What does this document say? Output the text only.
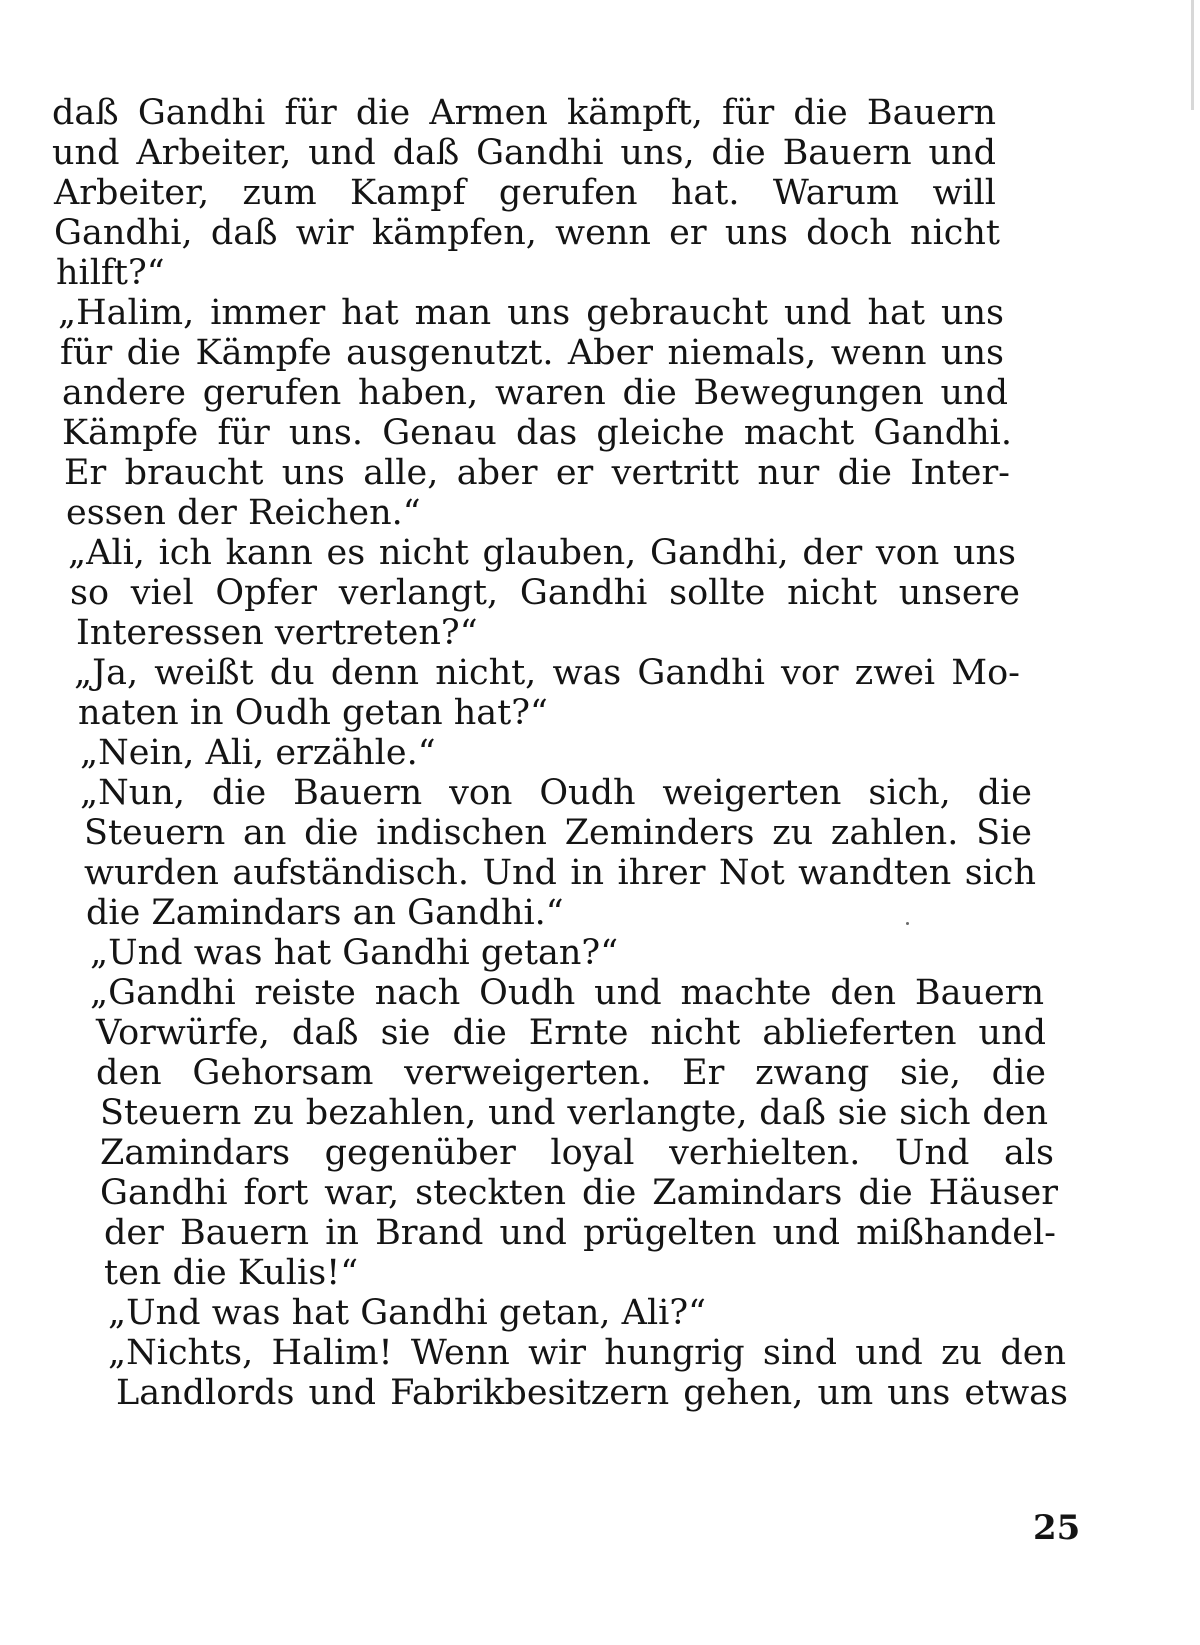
daß Gandhi für die Armen kämpft, für die Bauern
und Arbeiter, und daß Gandhi uns, die Bauern und
Arbeiter, zum Kampf gerufen hat. Warum will
Gandhi, daß wir kämpfen, wenn er uns doch nicht
hilft?“
„Halim, immer hat man uns gebraucht und hat uns
für die Kämpfe ausgenutzt. Aber niemals, wenn uns
andere gerufen haben, waren die Bewegungen und
Kämpfe für uns. Genau das gleiche macht Gandhi.
Er braucht uns alle, aber er vertritt nur die Inter-
essen der Reichen.“
„Ali, ich kann es nicht glauben, Gandhi, der von uns
so viel Opfer verlangt, Gandhi sollte nicht unsere
Interessen vertreten?“
„Ja, weißt du denn nicht, was Gandhi vor zwei Mo-
naten in Oudh getan hat?“
„Nein, Ali, erzähle.“
„Nun, die Bauern von Oudh weigerten sich, die
Steuern an die indischen Zeminders zu zahlen. Sie
wurden aufständisch. Und in ihrer Not wandten sich
die Zamindars an Gandhi.“
„Und was hat Gandhi getan?“
„Gandhi reiste nach Oudh und machte den Bauern
Vorwürfe, daß sie die Ernte nicht ablieferten und
den Gehorsam verweigerten. Er zwang sie, die
Steuern zu bezahlen, und verlangte, daß sie sich den
Zamindars gegenüber loyal verhielten. Und als
Gandhi fort war, steckten die Zamindars die Häuser
der Bauern in Brand und prügelten und mißhandel-
ten die Kulis!“
„Und was hat Gandhi getan, Ali?“
„Nichts, Halim! Wenn wir hungrig sind und zu den
Landlords und Fabrikbesitzern gehen, um uns etwas
25
